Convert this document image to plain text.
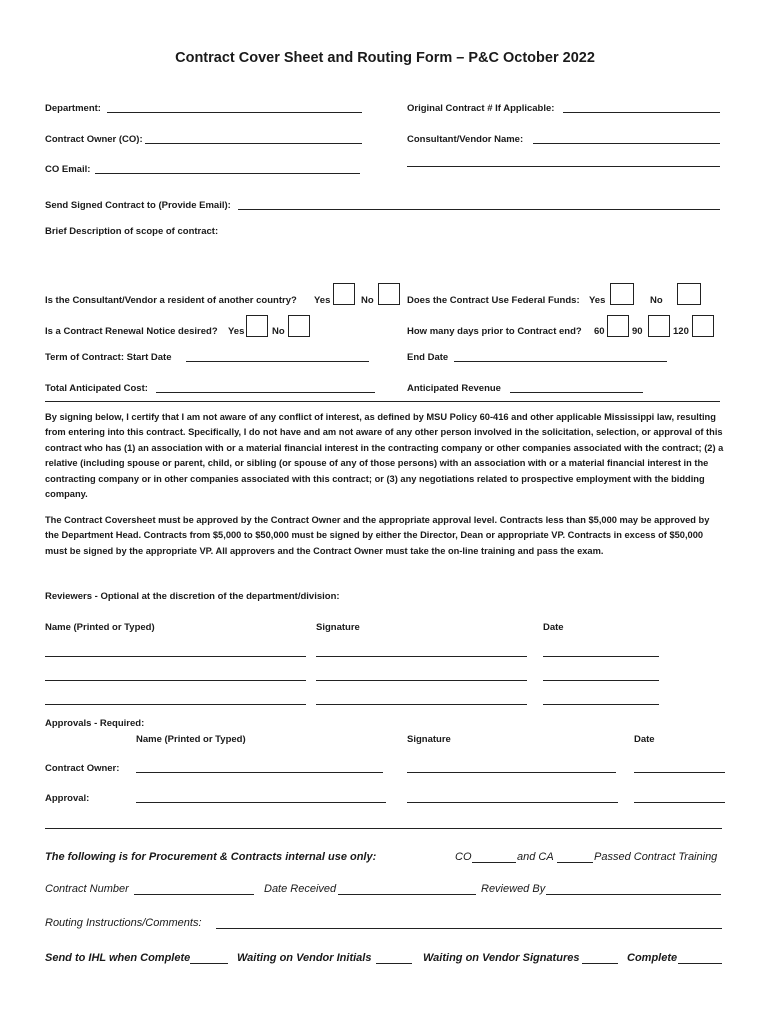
Contract Cover Sheet and Routing Form – P&C October 2022
Department:	Original Contract # If Applicable:
Contract Owner (CO):	Consultant/Vendor Name:
CO Email:
Send Signed Contract to (Provide Email):
Brief Description of scope of contract:
Is the Consultant/Vendor a resident of another country? Yes	No	Does the Contract Use Federal Funds: Yes	No
Is a Contract Renewal Notice desired? Yes	No	How many days prior to Contract end? 60	90	120
Term of Contract: Start Date	End Date
Total Anticipated Cost:	Anticipated Revenue
By signing below, I certify that I am not aware of any conflict of interest, as defined by MSU Policy 60-416 and other applicable Mississippi law, resulting from entering into this contract. Specifically, I do not have and am not aware of any other person involved in the solicitation, selection, or approval of this contract who has (1) an association with or a material financial interest in the contracting company or other companies associated with the contract; (2) a relative (including spouse or parent, child, or sibling (or spouse of any of those persons) with an association with or a material financial interest in the contracting company or in other companies associated with this contract; or (3) any negotiations related to prospective employment with the bidding company.
The Contract Coversheet must be approved by the Contract Owner and the appropriate approval level. Contracts less than $5,000 may be approved by the Department Head. Contracts from $5,000 to $50,000 must be signed by either the Director, Dean or appropriate VP. Contracts in excess of $50,000 must be signed by the appropriate VP. All approvers and the Contract Owner must take the on-line training and pass the exam.
Reviewers - Optional at the discretion of the department/division:
Name (Printed or Typed)	Signature	Date
Approvals - Required:
Name (Printed or Typed)	Signature	Date
Contract Owner:
Approval:
The following is for Procurement & Contracts internal use only:	CO	and CA	Passed Contract Training
Contract Number	Date Received	Reviewed By
Routing Instructions/Comments:
Send to IHL when Complete	Waiting on Vendor Initials	Waiting on Vendor Signatures	Complete
